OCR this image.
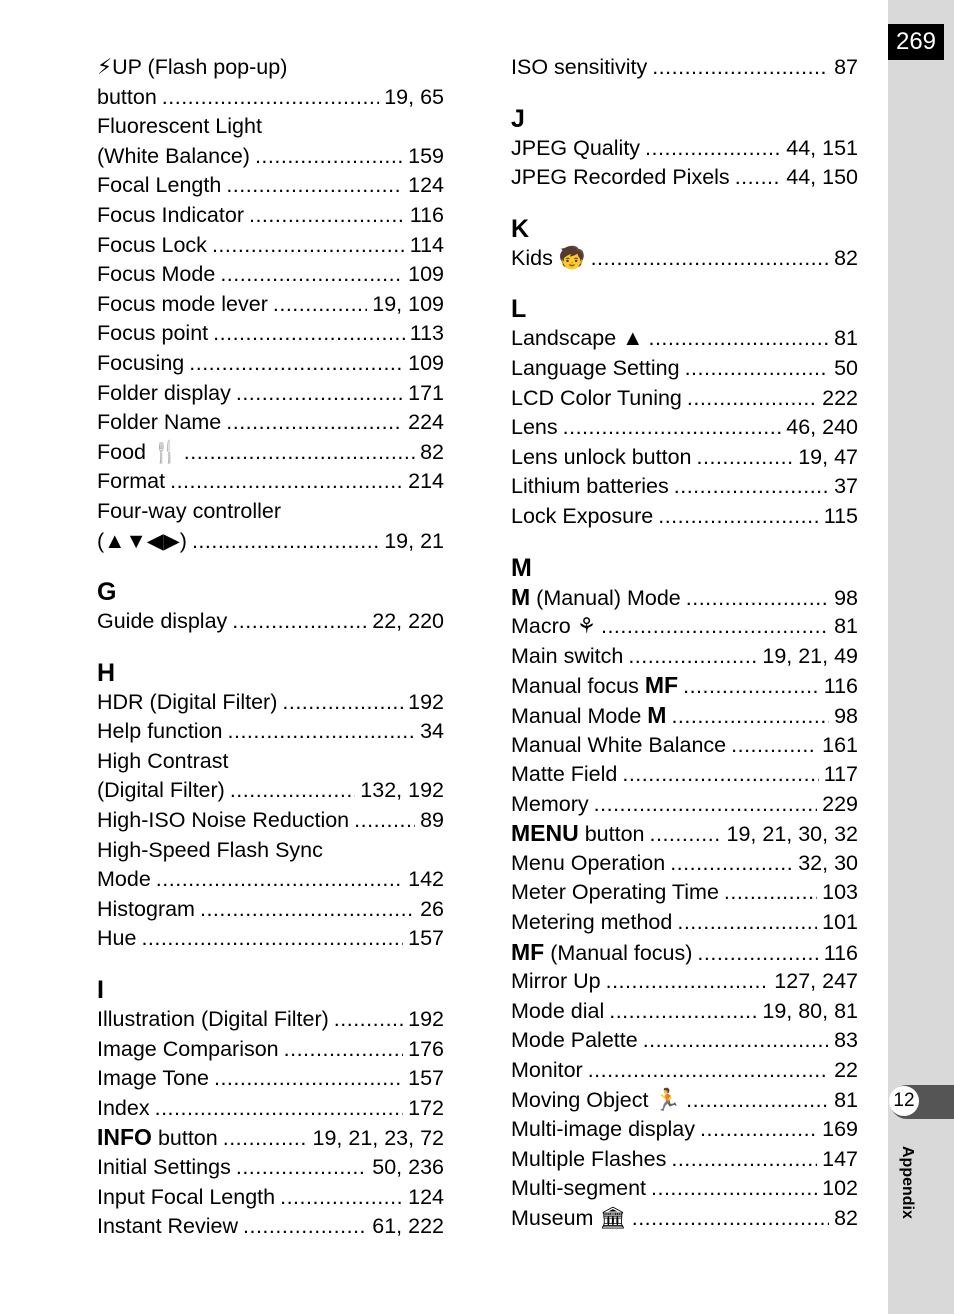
⚡UP (Flash pop-up)
button .....	19, 65
Fluorescent Light
(White Balance) .....	159
Focal Length .....	124
Focus Indicator .....	116
Focus Lock .....	114
Focus Mode .....	109
Focus mode lever .....	19, 109
Focus point .....	113
Focusing .....	109
Folder display .....	171
Folder Name .....	224
Food 🍴 .....	82
Format .....	214
Four-way controller
(▲▼◀▶) .....	19, 21
G
Guide display .....	22, 220
H
HDR (Digital Filter) .....	192
Help function .....	34
High Contrast
(Digital Filter) .....	132, 192
High-ISO Noise Reduction .....	89
High-Speed Flash Sync
Mode .....	142
Histogram .....	26
Hue .....	157
I
Illustration (Digital Filter) .....	192
Image Comparison .....	176
Image Tone .....	157
Index .....	172
INFO button .....	19, 21, 23, 72
Initial Settings .....	50, 236
Input Focal Length .....	124
Instant Review .....	61, 222
ISO sensitivity .....	87
J
JPEG Quality .....	44, 151
JPEG Recorded Pixels .....	44, 150
K
Kids 🧒 .....	82
L
Landscape ▲ .....	81
Language Setting .....	50
LCD Color Tuning .....	222
Lens .....	46, 240
Lens unlock button .....	19, 47
Lithium batteries .....	37
Lock Exposure .....	115
M
M (Manual) Mode .....	98
Macro ⚘ .....	81
Main switch .....	19, 21, 49
Manual focus MF .....	116
Manual Mode M .....	98
Manual White Balance .....	161
Matte Field .....	117
Memory .....	229
MENU button .....	19, 21, 30, 32
Menu Operation .....	32, 30
Meter Operating Time .....	103
Metering method .....	101
MF (Manual focus) .....	116
Mirror Up .....	127, 247
Mode dial .....	19, 80, 81
Mode Palette .....	83
Monitor .....	22
Moving Object 🏃 .....	81
Multi-image display .....	169
Multiple Flashes .....	147
Multi-segment .....	102
Museum 🏛 .....	82
269
12
Appendix
